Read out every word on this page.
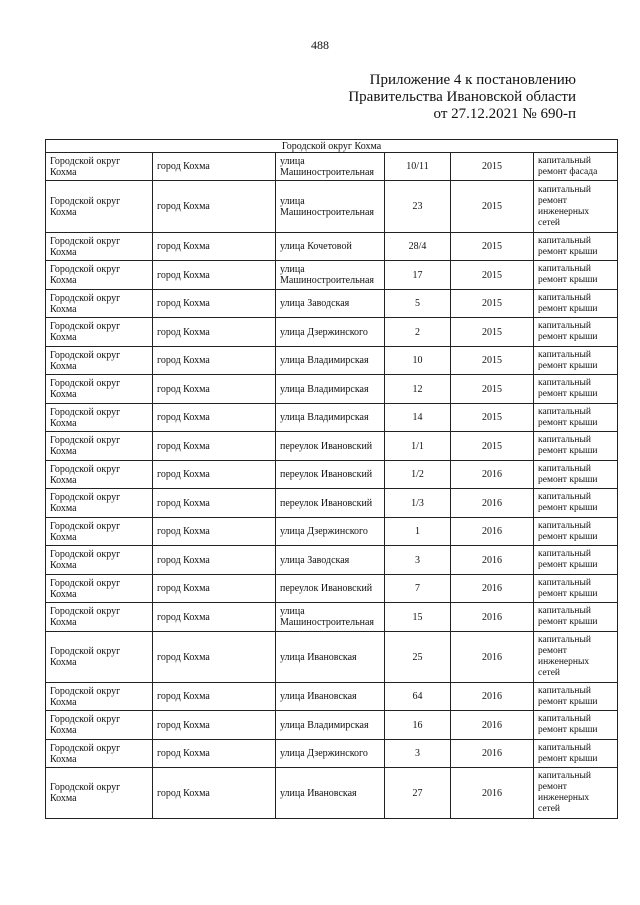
488
Приложение 4 к постановлению
Правительства Ивановской области
от 27.12.2021 № 690-п
Городской округ Кохма					
Городской округ Кохма	город Кохма	улица Машиностроительная	10/11	2015	капитальный ремонт фасада
Городской округ Кохма	город Кохма	улица Машиностроительная	23	2015	капитальный ремонт инженерных сетей
Городской округ Кохма	город Кохма	улица Кочетовой	28/4	2015	капитальный ремонт крыши
Городской округ Кохма	город Кохма	улица Машиностроительная	17	2015	капитальный ремонт крыши
Городской округ Кохма	город Кохма	улица Заводская	5	2015	капитальный ремонт крыши
Городской округ Кохма	город Кохма	улица Дзержинского	2	2015	капитальный ремонт крыши
Городской округ Кохма	город Кохма	улица Владимирская	10	2015	капитальный ремонт крыши
Городской округ Кохма	город Кохма	улица Владимирская	12	2015	капитальный ремонт крыши
Городской округ Кохма	город Кохма	улица Владимирская	14	2015	капитальный ремонт крыши
Городской округ Кохма	город Кохма	переулок Ивановский	1/1	2015	капитальный ремонт крыши
Городской округ Кохма	город Кохма	переулок Ивановский	1/2	2016	капитальный ремонт крыши
Городской округ Кохма	город Кохма	переулок Ивановский	1/3	2016	капитальный ремонт крыши
Городской округ Кохма	город Кохма	улица Дзержинского	1	2016	капитальный ремонт крыши
Городской округ Кохма	город Кохма	улица Заводская	3	2016	капитальный ремонт крыши
Городской округ Кохма	город Кохма	переулок Ивановский	7	2016	капитальный ремонт крыши
Городской округ Кохма	город Кохма	улица Машиностроительная	15	2016	капитальный ремонт крыши
Городской округ Кохма	город Кохма	улица Ивановская	25	2016	капитальный ремонт инженерных сетей
Городской округ Кохма	город Кохма	улица Ивановская	64	2016	капитальный ремонт крыши
Городской округ Кохма	город Кохма	улица Владимирская	16	2016	капитальный ремонт крыши
Городской округ Кохма	город Кохма	улица Дзержинского	3	2016	капитальный ремонт крыши
Городской округ Кохма	город Кохма	улица Ивановская	27	2016	капитальный ремонт инженерных сетей
